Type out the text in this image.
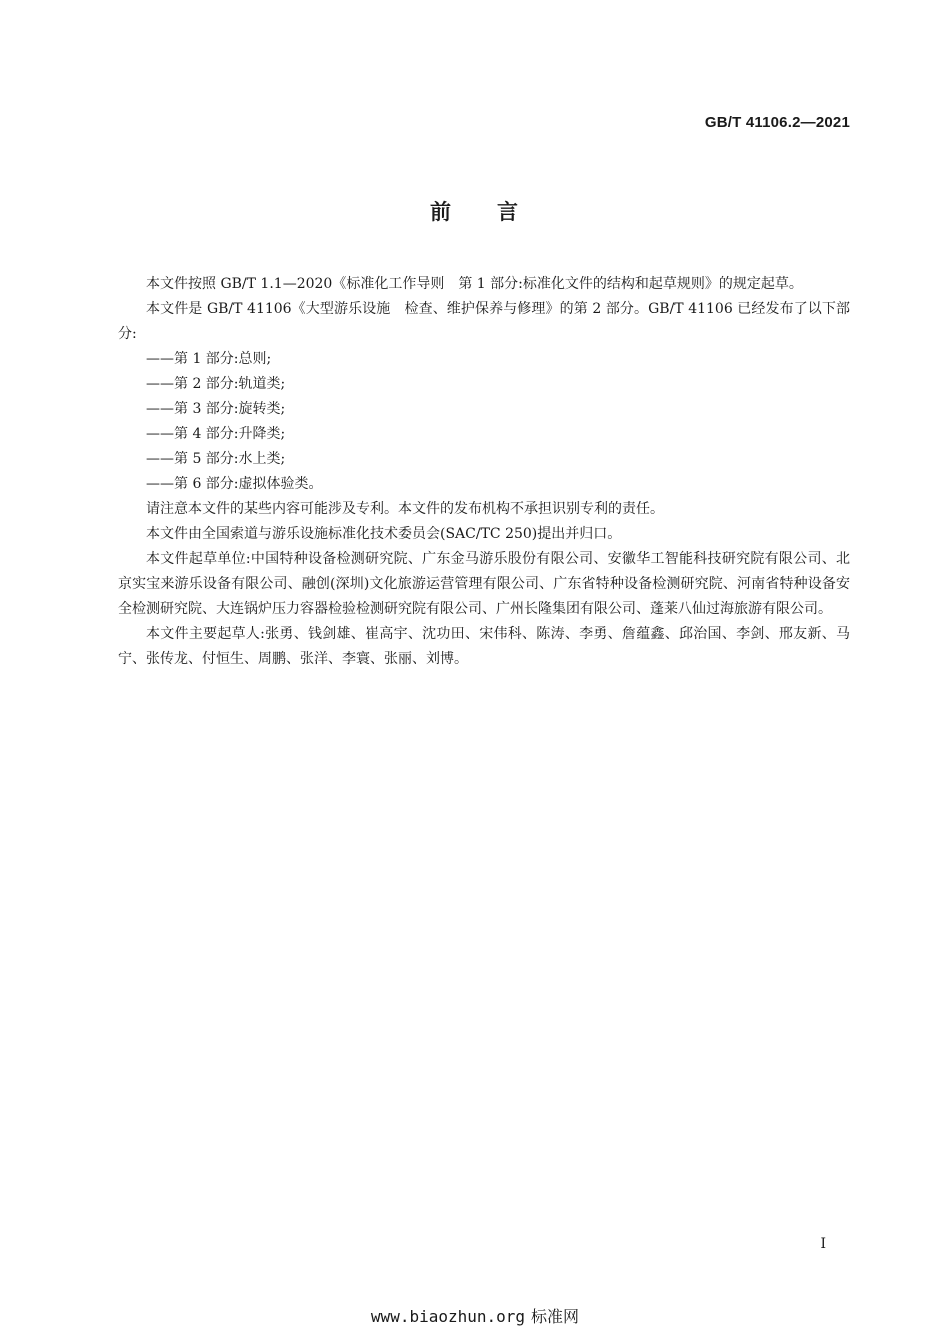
GB/T 41106.2—2021
前 言

本文件按照 GB/T 1.1—2020《标准化工作导则　第 1 部分:标准化文件的结构和起草规则》的规定起草。

本文件是 GB/T 41106《大型游乐设施　检查、维护保养与修理》的第 2 部分。GB/T 41106 已经发布了以下部分:

——第 1 部分:总则;

——第 2 部分:轨道类;

——第 3 部分:旋转类;

——第 4 部分:升降类;

——第 5 部分:水上类;

——第 6 部分:虚拟体验类。

请注意本文件的某些内容可能涉及专利。本文件的发布机构不承担识别专利的责任。

本文件由全国索道与游乐设施标准化技术委员会(SAC/TC 250)提出并归口。

本文件起草单位:中国特种设备检测研究院、广东金马游乐股份有限公司、安徽华工智能科技研究院有限公司、北京实宝来游乐设备有限公司、融创(深圳)文化旅游运营管理有限公司、广东省特种设备检测研究院、河南省特种设备安全检测研究院、大连锅炉压力容器检验检测研究院有限公司、广州长隆集团有限公司、蓬莱八仙过海旅游有限公司。

本文件主要起草人:张勇、钱剑雄、崔高宇、沈功田、宋伟科、陈涛、李勇、詹蕴鑫、邱治国、李剑、邢友新、马宁、张传龙、付恒生、周鹏、张洋、李寰、张丽、刘博。

I
www.biaozhun.org 标准网
